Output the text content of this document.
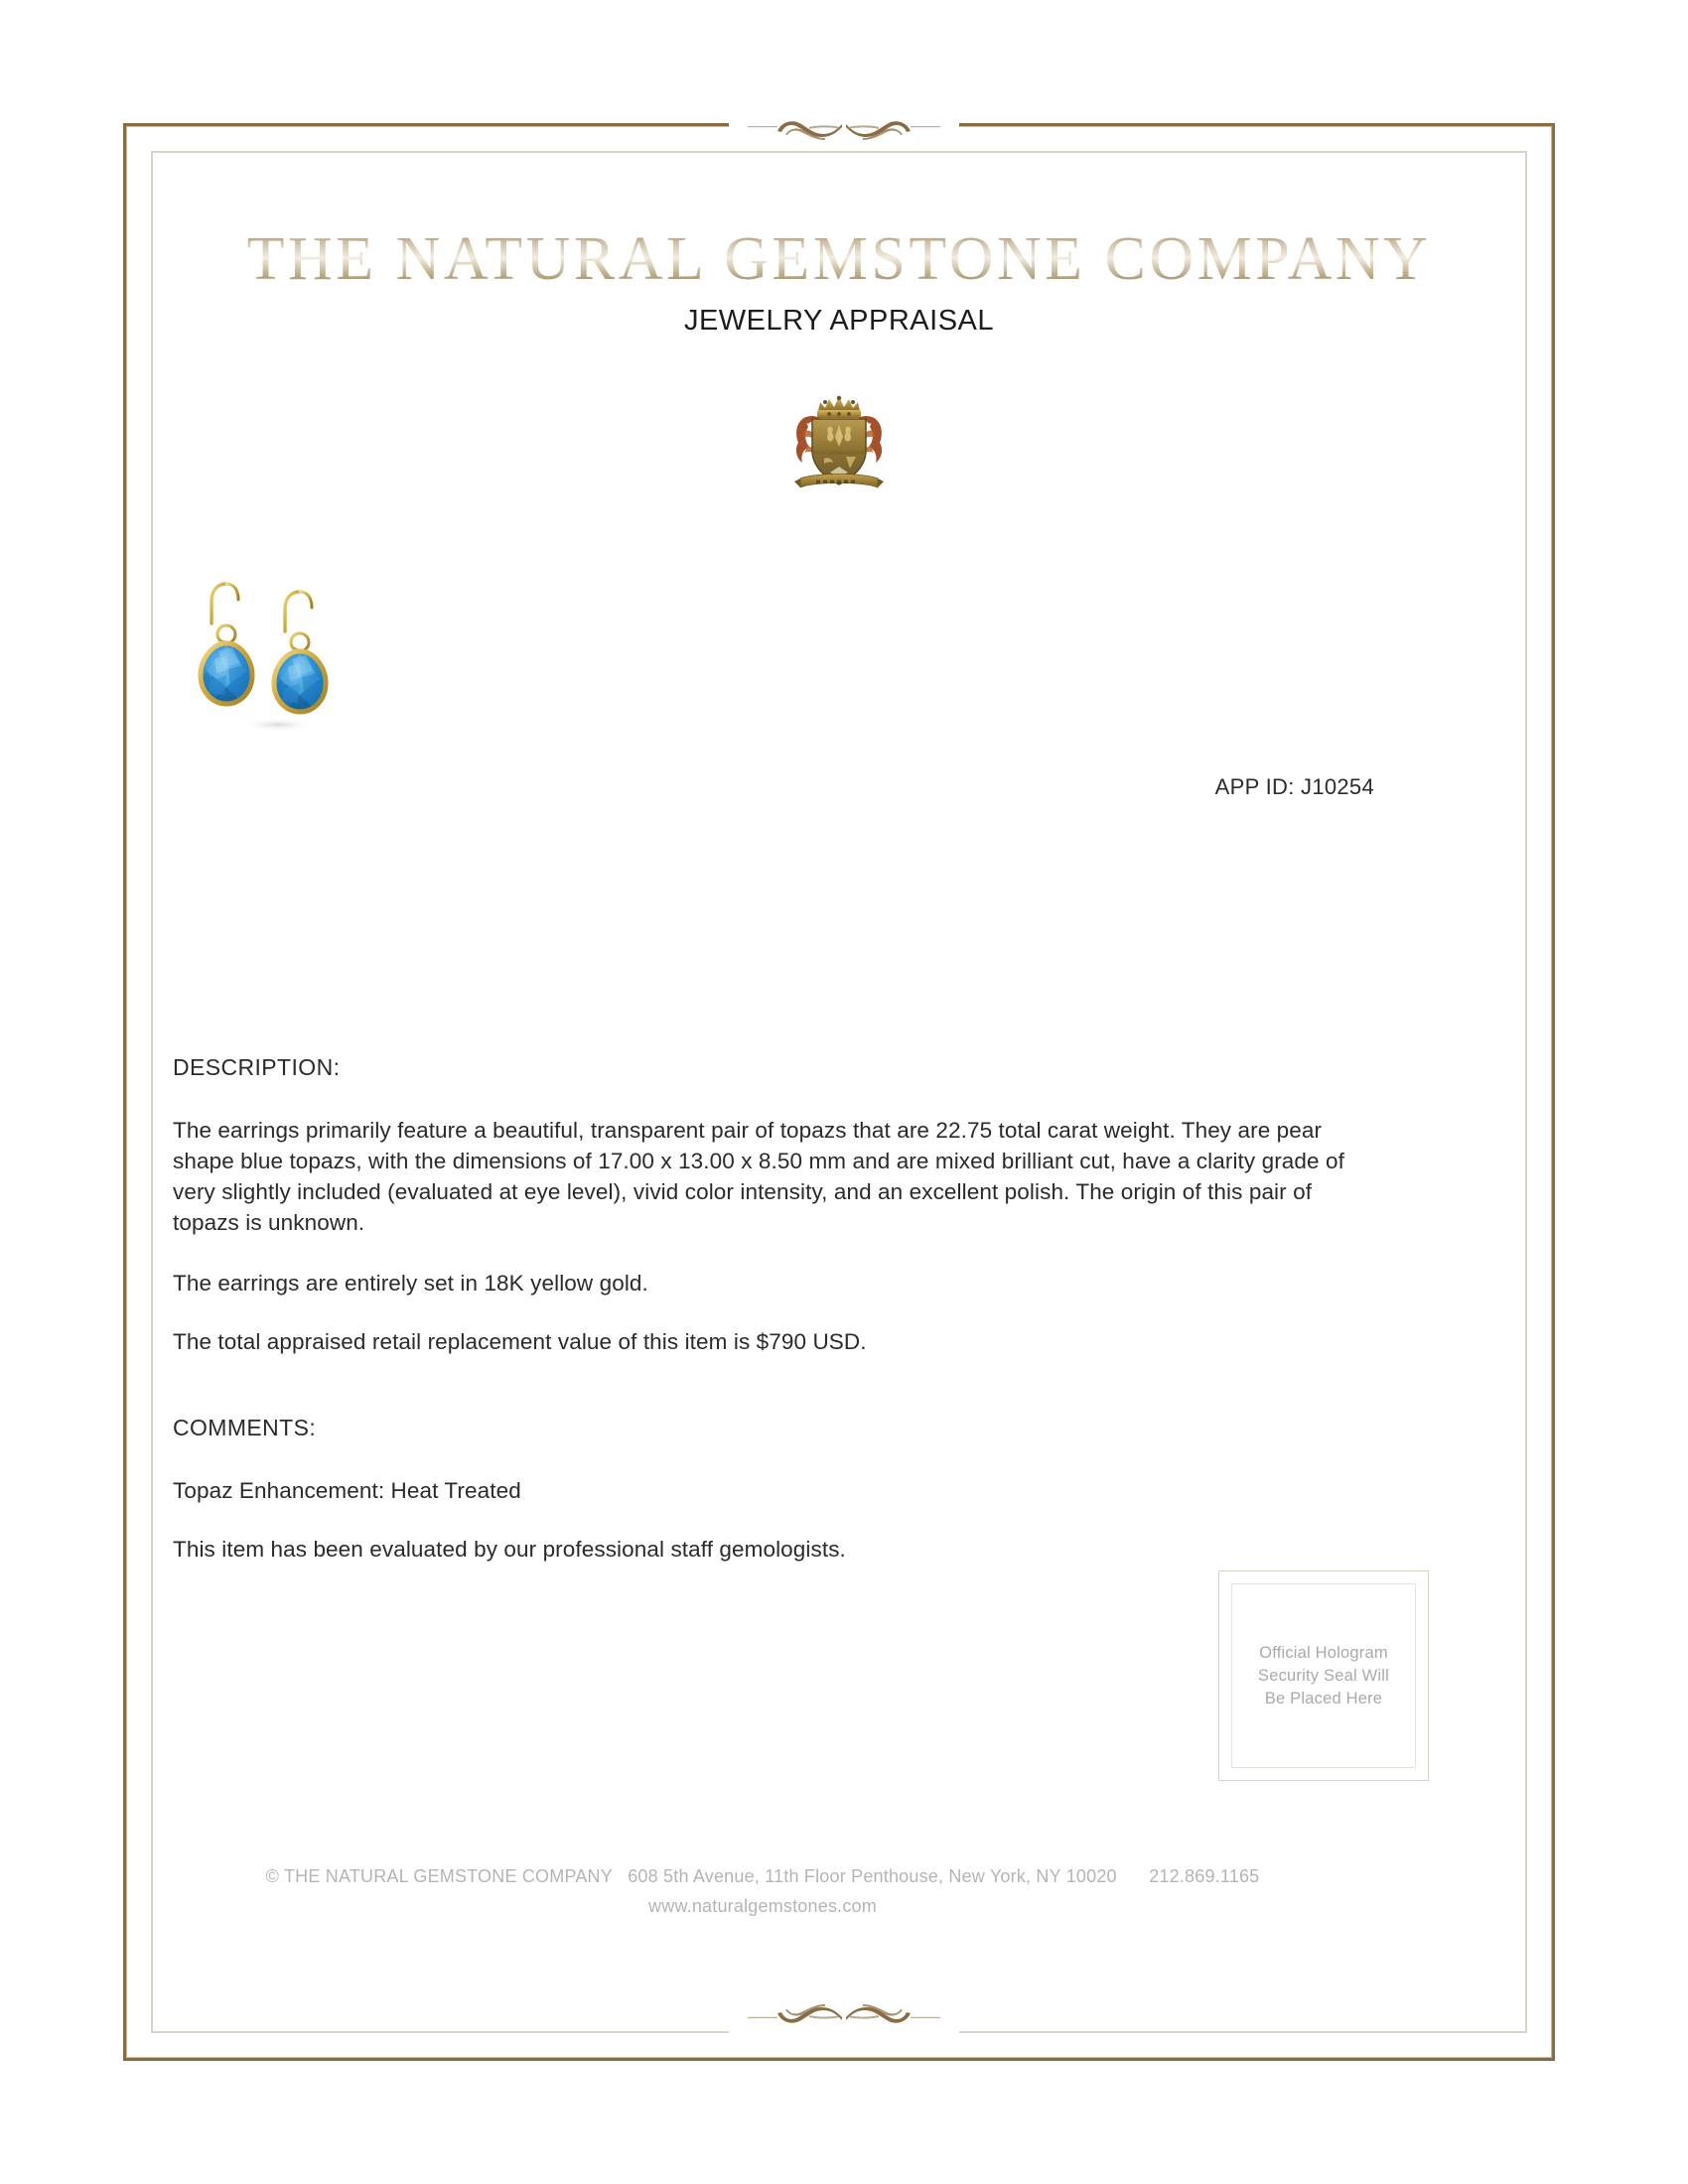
THE NATURAL GEMSTONE COMPANY
JEWELRY APPRAISAL
APP ID: J10254
DESCRIPTION:

The earrings primarily feature a beautiful, transparent pair of topazs that are 22.75 total carat weight. They are pear shape blue topazs, with the dimensions of 17.00 x 13.00 x 8.50 mm and are mixed brilliant cut, have a clarity grade of very slightly included (evaluated at eye level), vivid color intensity, and an excellent polish. The origin of this pair of topazs is unknown.

The earrings are entirely set in 18K yellow gold.

The total appraised retail replacement value of this item is $790 USD.

COMMENTS:

Topaz Enhancement: Heat Treated

This item has been evaluated by our professional staff gemologists.

Official Hologram
Security Seal Will
Be Placed Here
© THE NATURAL GEMSTONE COMPANY 608 5th Avenue, 11th Floor Penthouse, New York, NY 10020 212.869.1165
www.naturalgemstones.com
